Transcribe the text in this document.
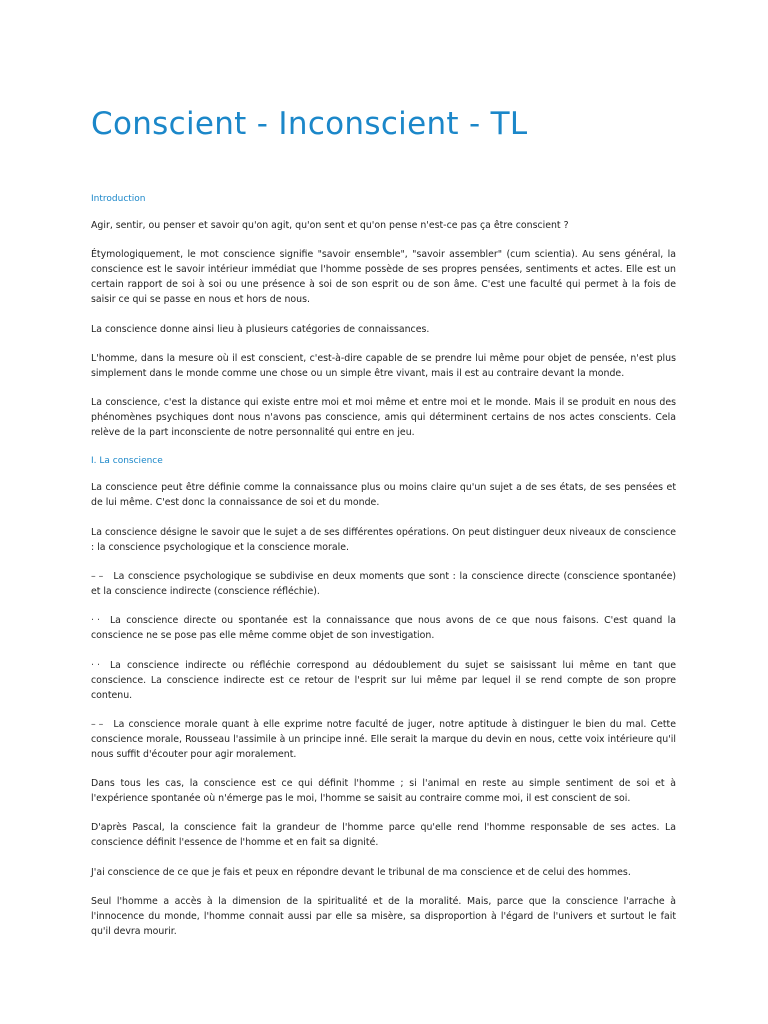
Conscient - Inconscient - TL
Introduction

Agir, sentir, ou penser et savoir qu'on agit, qu'on sent et qu'on pense n'est-ce pas ça être conscient ?

Étymologiquement, le mot conscience signifie "savoir ensemble", "savoir assembler" (cum scientia). Au sens général, la conscience est le savoir intérieur immédiat que l'homme possède de ses propres pensées, sentiments et actes. Elle est un certain rapport de soi à soi ou une présence à soi de son esprit ou de son âme. C'est une faculté qui permet à la fois de saisir ce qui se passe en nous et hors de nous.

La conscience donne ainsi lieu à plusieurs catégories de connaissances.

L'homme, dans la mesure où il est conscient, c'est-à-dire capable de se prendre lui même pour objet de pensée, n'est plus simplement dans le monde comme une chose ou un simple être vivant, mais il est au contraire devant la monde.

La conscience, c'est la distance qui existe entre moi et moi même et entre moi et le monde. Mais il se produit en nous des phénomènes psychiques dont nous n'avons pas conscience, amis qui déterminent certains de nos actes conscients. Cela relève de la part inconsciente de notre personnalité qui entre en jeu.

I. La conscience

La conscience peut être définie comme la connaissance plus ou moins claire qu'un sujet a de ses états, de ses pensées et de lui même. C'est donc la connaissance de soi et du monde.

La conscience désigne le savoir que le sujet a de ses différentes opérations. On peut distinguer deux niveaux de conscience : la conscience psychologique et la conscience morale.

– – La conscience psychologique se subdivise en deux moments que sont : la conscience directe (conscience spontanée) et la conscience indirecte (conscience réfléchie).

· · La conscience directe ou spontanée est la connaissance que nous avons de ce que nous faisons. C'est quand la conscience ne se pose pas elle même comme objet de son investigation.

· · La conscience indirecte ou réfléchie correspond au dédoublement du sujet se saisissant lui même en tant que conscience. La conscience indirecte est ce retour de l'esprit sur lui même par lequel il se rend compte de son propre contenu.

– – La conscience morale quant à elle exprime notre faculté de juger, notre aptitude à distinguer le bien du mal. Cette conscience morale, Rousseau l'assimile à un principe inné. Elle serait la marque du devin en nous, cette voix intérieure qu'il nous suffit d'écouter pour agir moralement.

Dans tous les cas, la conscience est ce qui définit l'homme ; si l'animal en reste au simple sentiment de soi et à l'expérience spontanée où n'émerge pas le moi, l'homme se saisit au contraire comme moi, il est conscient de soi.

D'après Pascal, la conscience fait la grandeur de l'homme parce qu'elle rend l'homme responsable de ses actes. La conscience définit l'essence de l'homme et en fait sa dignité.

J'ai conscience de ce que je fais et peux en répondre devant le tribunal de ma conscience et de celui des hommes.

Seul l'homme a accès à la dimension de la spiritualité et de la moralité. Mais, parce que la conscience l'arrache à l'innocence du monde, l'homme connait aussi par elle sa misère, sa disproportion à l'égard de l'univers et surtout le fait qu'il devra mourir.
